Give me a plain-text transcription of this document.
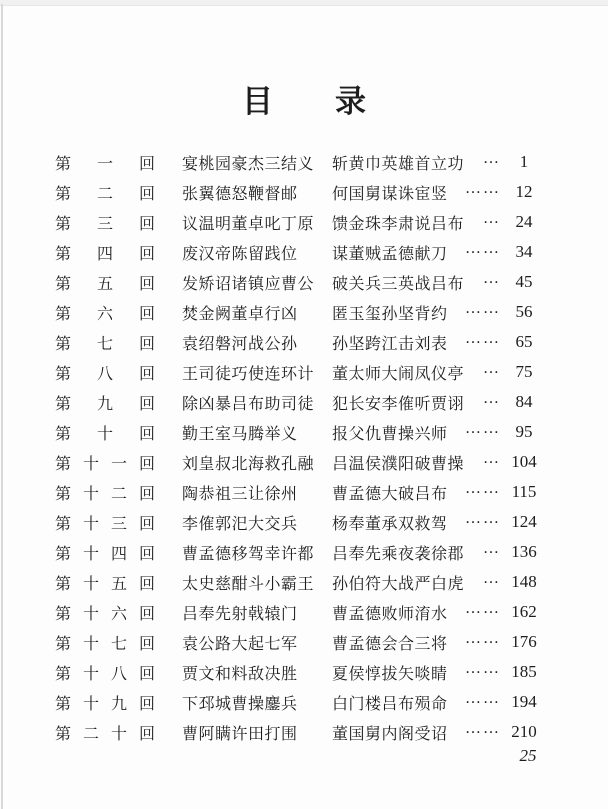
目 录
第 一 回 宴桃园豪杰三结义	斩黄巾英雄首立功 …	1
第 二 回 张翼德怒鞭督邮	何国舅谋诛宦竖 …… 12
第 三 回 议温明董卓叱丁原	馈金珠李肃说吕布 … 24
第 四 回 废汉帝陈留践位	谋董贼孟德献刀 …… 34
第 五 回 发矫诏诸镇应曹公	破关兵三英战吕布 … 45
第 六 回 焚金阙董卓行凶	匿玉玺孙坚背约 …… 56
第 七 回 袁绍磐河战公孙	孙坚跨江击刘表 …… 65
第 八 回 王司徒巧使连环计	董太师大闹凤仪亭 … 75
第 九 回 除凶暴吕布助司徒	犯长安李傕听贾诩 … 84
第 十 回 勤王室马腾举义	报父仇曹操兴师 …… 95
第 十 一 回 刘皇叔北海救孔融	吕温侯濮阳破曹操 … 104
第 十 二 回 陶恭祖三让徐州	曹孟德大破吕布 …… 115
第 十 三 回 李傕郭汜大交兵	杨奉董承双救驾 …… 124
第 十 四 回 曹孟德移驾幸许都	吕奉先乘夜袭徐郡 … 136
第 十 五 回 太史慈酣斗小霸王	孙伯符大战严白虎 … 148
第 十 六 回 吕奉先射戟辕门	曹孟德败师淯水 …… 162
第 十 七 回 袁公路大起七军	曹孟德会合三将 …… 176
第 十 八 回 贾文和料敌决胜	夏侯惇拔矢啖睛 …… 185
第 十 九 回 下邳城曹操鏖兵	白门楼吕布殒命 …… 194
第 二 十 回 曹阿瞒许田打围	董国舅内阁受诏 …… 210
25
